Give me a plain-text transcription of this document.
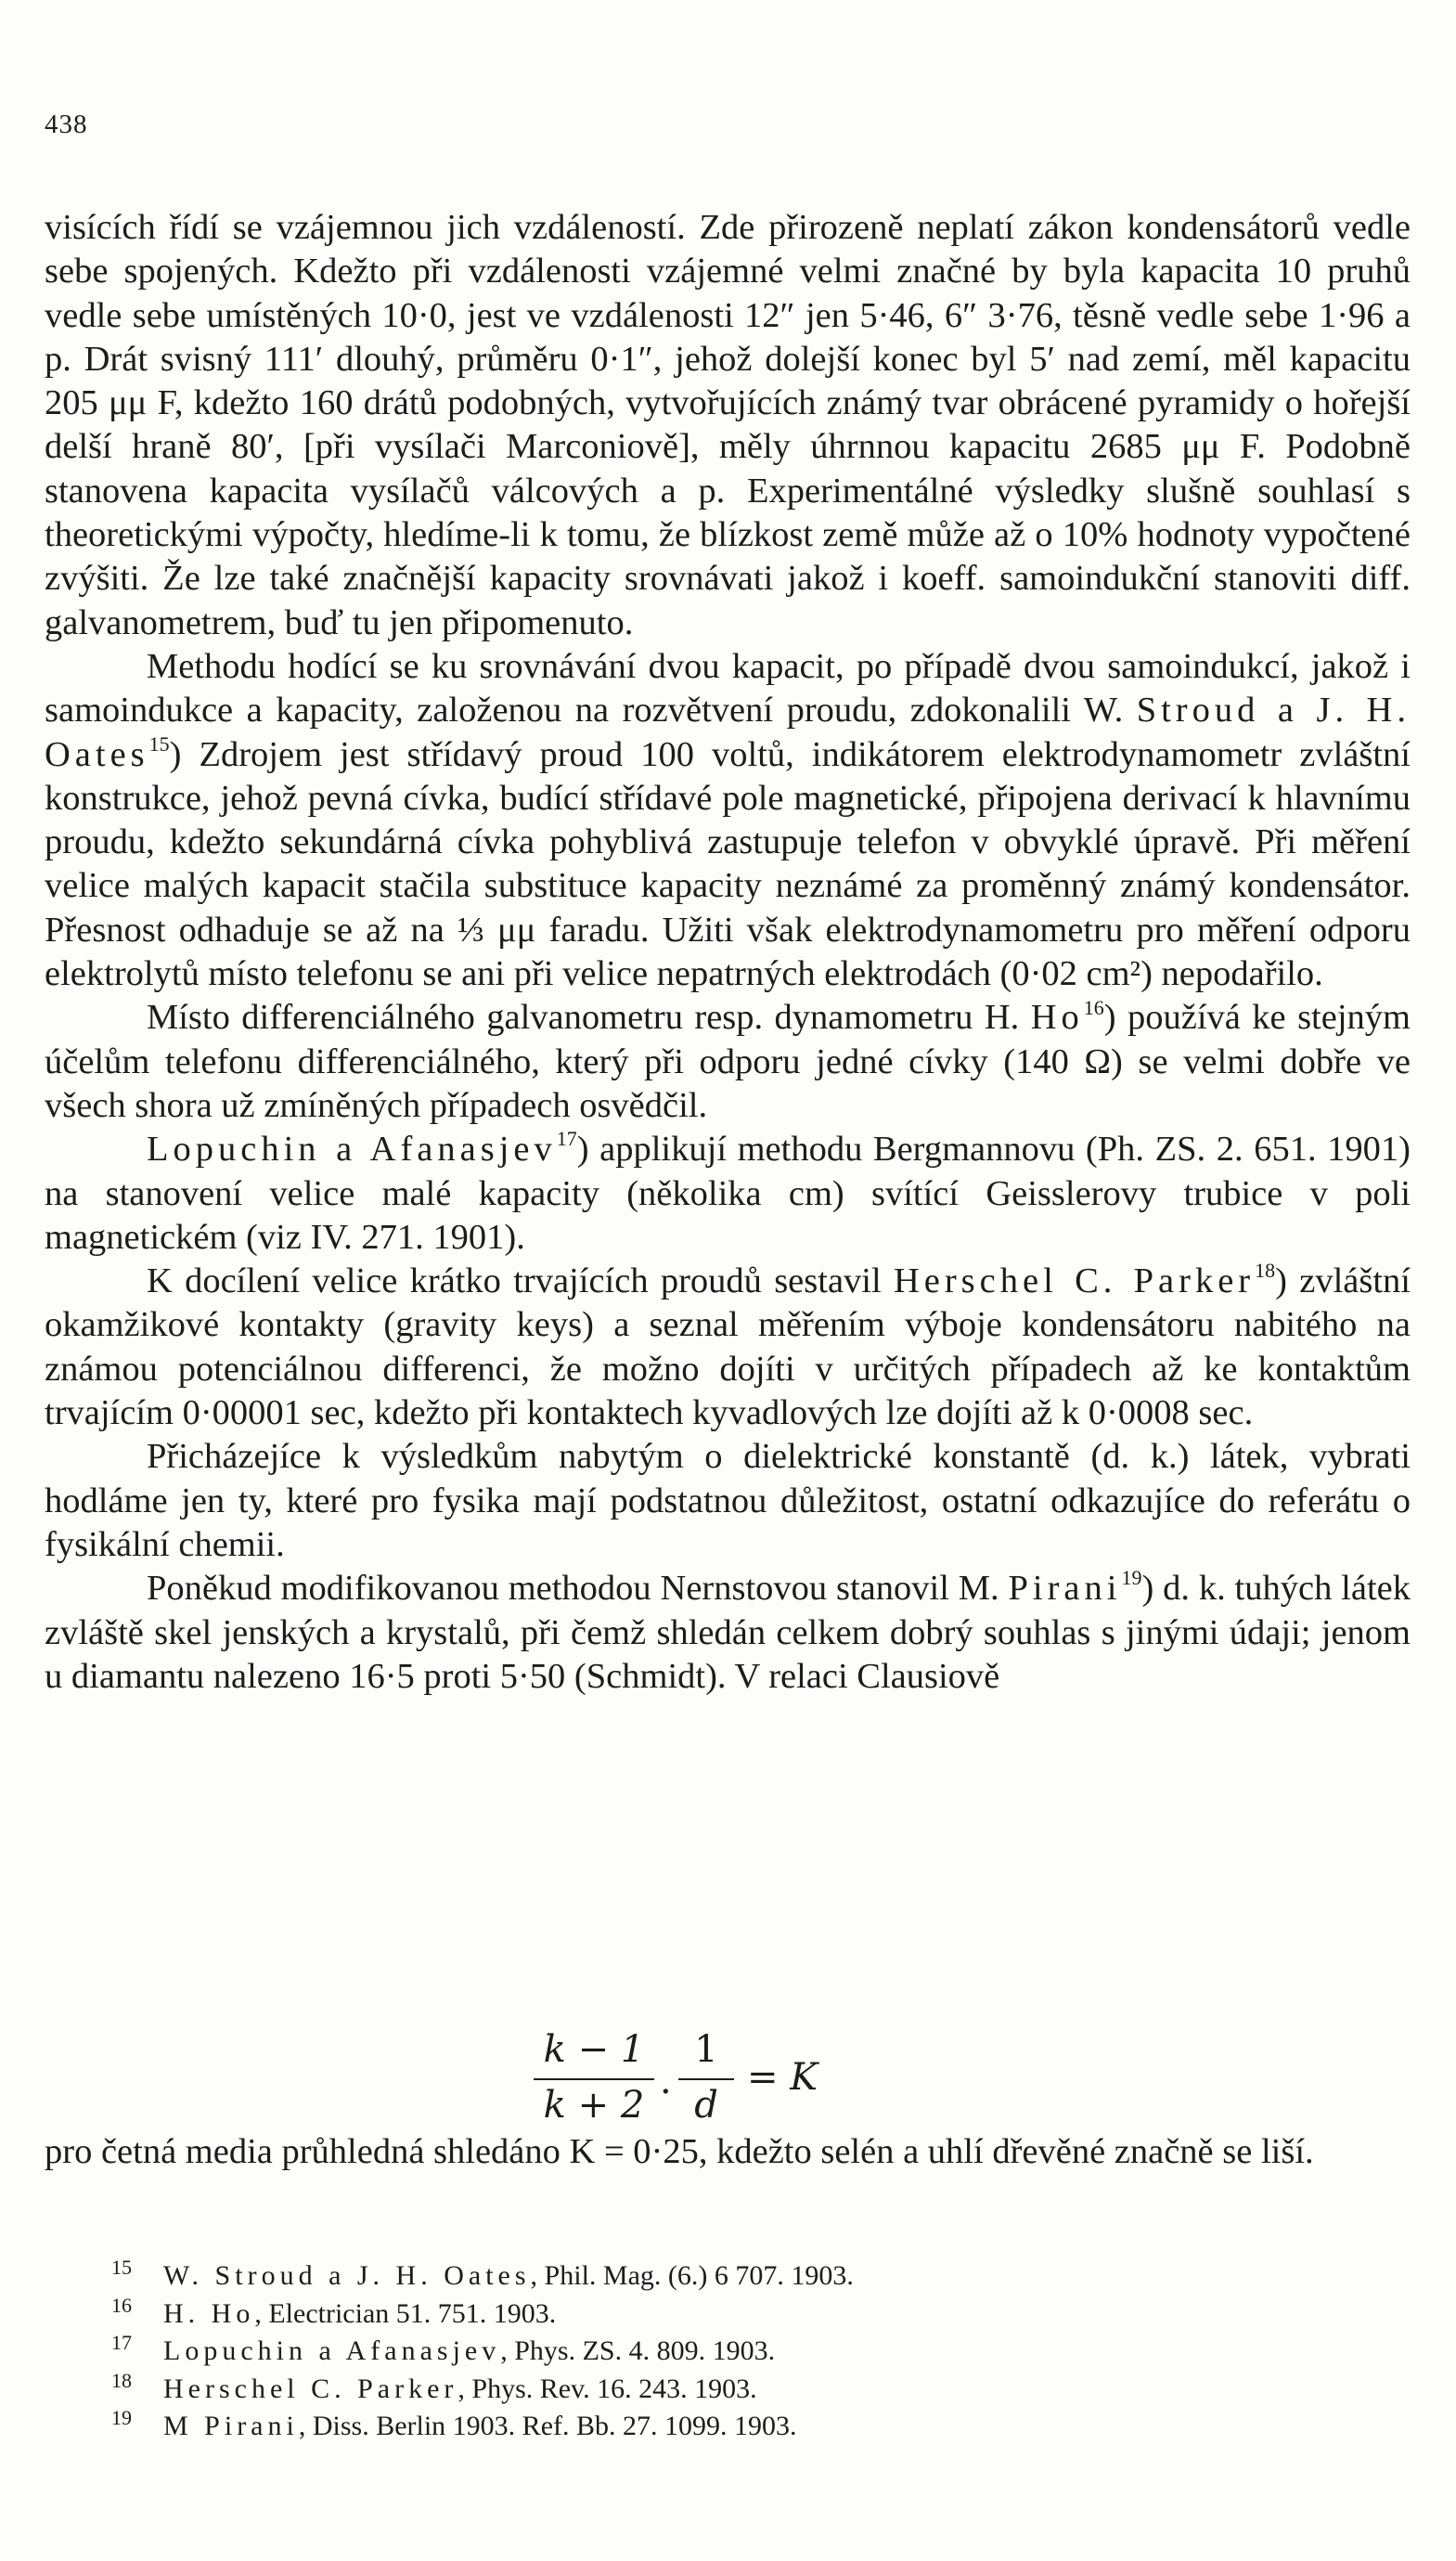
438

visících řídí se vzájemnou jich vzdáleností. Zde přirozeně neplatí zákon kondensátorů vedle sebe spojených. Kdežto při vzdálenosti vzájemné velmi značné by byla kapacita 10 pruhů vedle sebe umístěných 10·0, jest ve vzdálenosti 12″ jen 5·46, 6″ 3·76, těsně vedle sebe 1·96 a p. Drát svisný 111′ dlouhý, průměru 0·1″, jehož dolejší konec byl 5′ nad zemí, měl kapacitu 205 μμ F, kdežto 160 drátů podobných, vytvořujících známý tvar obrácené pyramidy o hořejší delší hraně 80′, [při vysílači Marconiově], měly úhrnnou kapacitu 2685 μμ F. Podobně stanovena kapacita vysílačů válcových a p. Experimentálné výsledky slušně souhlasí s theoretickými výpočty, hledíme-li k tomu, že blízkost země může až o 10% hodnoty vypočtené zvýšiti. Že lze také značnější kapacity srovnávati jakož i koeff. samoindukční stanoviti diff. galvanometrem, buď tu jen připomenuto.

Methodu hodící se ku srovnávání dvou kapacit, po případě dvou samoindukcí, jakož i samoindukce a kapacity, založenou na rozvětvení proudu, zdokonalili W. Stroud a J. H. Oates$^{15}$) Zdrojem jest střídavý proud 100 voltů, indikátorem elektrodynamometr zvláštní konstrukce, jehož pevná cívka, budící střídavé pole magnetické, připojena derivací k hlavnímu proudu, kdežto sekundárná cívka pohyblivá zastupuje telefon v obvyklé úpravě. Při měření velice malých kapacit stačila substituce kapacity neznámé za proměnný známý kondensátor. Přesnost odhaduje se až na ⅓ μμ faradu. Užiti však elektrodynamometru pro měření odporu elektrolytů místo telefonu se ani při velice nepatrných elektrodách (0·02 cm²) nepodařilo.

Místo differenciálného galvanometru resp. dynamometru H. Ho$^{16}$) používá ke stejným účelům telefonu differenciálného, který při odporu jedné cívky (140 Ω) se velmi dobře ve všech shora už zmíněných případech osvědčil.

Lopuchin a Afanasjev$^{17}$) applikují methodu Bergmannovu (Ph. ZS. 2. 651. 1901) na stanovení velice malé kapacity (několika cm) svítící Geisslerovy trubice v poli magnetickém (viz IV. 271. 1901).

K docílení velice krátko trvajících proudů sestavil Herschel C. Parker$^{18}$) zvláštní okamžikové kontakty (gravity keys) a seznal měřením výboje kondensátoru nabitého na známou potenciálnou differenci, že možno dojíti v určitých případech až ke kontaktům trvajícím 0·00001 sec, kdežto při kontaktech kyvadlových lze dojíti až k 0·0008 sec.

Přicházejíce k výsledkům nabytým o dielektrické konstantě (d. k.) látek, vybrati hodláme jen ty, které pro fysika mají podstatnou důležitost, ostatní odkazujíce do referátu o fysikální chemii.

Poněkud modifikovanou methodou Nernstovou stanovil M. Pirani$^{19}$) d. k. tuhých látek zvláště skel jenských a krystalů, při čemž shledán celkem dobrý souhlas s jinými údaji; jenom u diamantu nalezeno 16·5 proti 5·50 (Schmidt). V relaci Clausiově

k − 1
k + 2 ·
1
d
= K

pro četná media průhledná shledáno K = 0·25, kdežto selén a uhlí dřevěné značně se liší.

15 W. Stroud a J. H. Oates, Phil. Mag. (6.) 6 707. 1903.
16 H. Ho, Electrician 51. 751. 1903.
17 Lopuchin a Afanasjev, Phys. ZS. 4. 809. 1903.
18 Herschel C. Parker, Phys. Rev. 16. 243. 1903.
19 M Pirani, Diss. Berlin 1903. Ref. Bb. 27. 1099. 1903.
